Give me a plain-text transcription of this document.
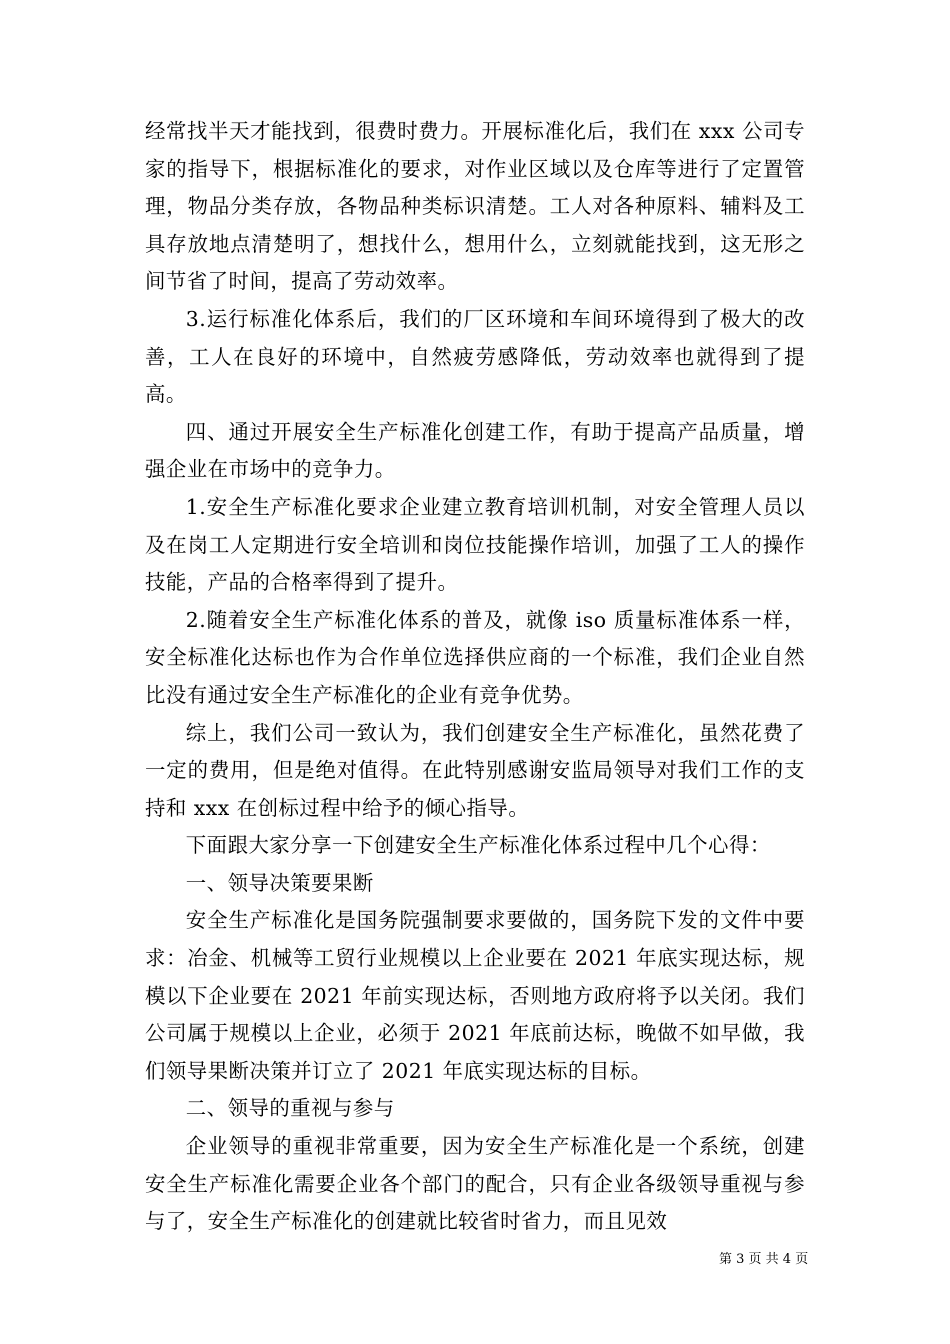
经常找半天才能找到，很费时费力。开展标准化后，我们在 xxx 公司专家的指导下，根据标准化的要求，对作业区域以及仓库等进行了定置管理，物品分类存放，各物品种类标识清楚。工人对各种原料、辅料及工具存放地点清楚明了，想找什么，想用什么，立刻就能找到，这无形之间节省了时间，提高了劳动效率。

3.运行标准化体系后，我们的厂区环境和车间环境得到了极大的改善，工人在良好的环境中，自然疲劳感降低，劳动效率也就得到了提高。

四、通过开展安全生产标准化创建工作，有助于提高产品质量，增强企业在市场中的竞争力。

1.安全生产标准化要求企业建立教育培训机制，对安全管理人员以及在岗工人定期进行安全培训和岗位技能操作培训，加强了工人的操作技能，产品的合格率得到了提升。

2.随着安全生产标准化体系的普及，就像 iso 质量标准体系一样，安全标准化达标也作为合作单位选择供应商的一个标准，我们企业自然比没有通过安全生产标准化的企业有竞争优势。

综上，我们公司一致认为，我们创建安全生产标准化，虽然花费了一定的费用，但是绝对值得。在此特别感谢安监局领导对我们工作的支持和 xxx 在创标过程中给予的倾心指导。

下面跟大家分享一下创建安全生产标准化体系过程中几个心得：

一、领导决策要果断

安全生产标准化是国务院强制要求要做的，国务院下发的文件中要求：冶金、机械等工贸行业规模以上企业要在 2021 年底实现达标，规模以下企业要在 2021 年前实现达标，否则地方政府将予以关闭。我们公司属于规模以上企业，必须于 2021 年底前达标，晚做不如早做，我们领导果断决策并订立了 2021 年底实现达标的目标。

二、领导的重视与参与

企业领导的重视非常重要，因为安全生产标准化是一个系统，创建安全生产标准化需要企业各个部门的配合，只有企业各级领导重视与参与了，安全生产标准化的创建就比较省时省力，而且见效

第 3 页 共 4 页
